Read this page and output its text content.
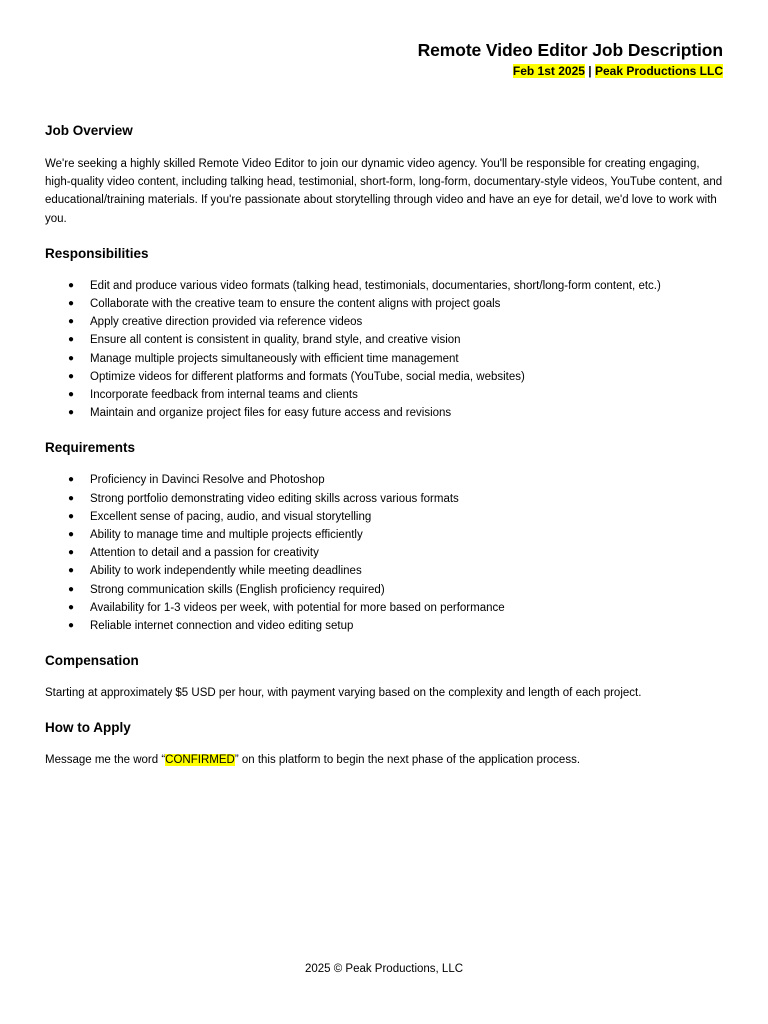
Remote Video Editor Job Description
Feb 1st 2025 | Peak Productions LLC
Job Overview

We're seeking a highly skilled Remote Video Editor to join our dynamic video agency. You'll be responsible for creating engaging, high-quality video content, including talking head, testimonial, short-form, long-form, documentary-style videos, YouTube content, and educational/training materials. If you're passionate about storytelling through video and have an eye for detail, we'd love to work with you.

Responsibilities
● Edit and produce various video formats (talking head, testimonials, documentaries, short/long-form content, etc.)
● Collaborate with the creative team to ensure the content aligns with project goals
● Apply creative direction provided via reference videos
● Ensure all content is consistent in quality, brand style, and creative vision
● Manage multiple projects simultaneously with efficient time management
● Optimize videos for different platforms and formats (YouTube, social media, websites)
● Incorporate feedback from internal teams and clients
● Maintain and organize project files for easy future access and revisions
Requirements
● Proficiency in Davinci Resolve and Photoshop
● Strong portfolio demonstrating video editing skills across various formats
● Excellent sense of pacing, audio, and visual storytelling
● Ability to manage time and multiple projects efficiently
● Attention to detail and a passion for creativity
● Ability to work independently while meeting deadlines
● Strong communication skills (English proficiency required)
● Availability for 1-3 videos per week, with potential for more based on performance
● Reliable internet connection and video editing setup
Compensation

Starting at approximately $5 USD per hour, with payment varying based on the complexity and length of each project.

How to Apply

Message me the word “CONFIRMED” on this platform to begin the next phase of the application process.

2025 © Peak Productions, LLC
